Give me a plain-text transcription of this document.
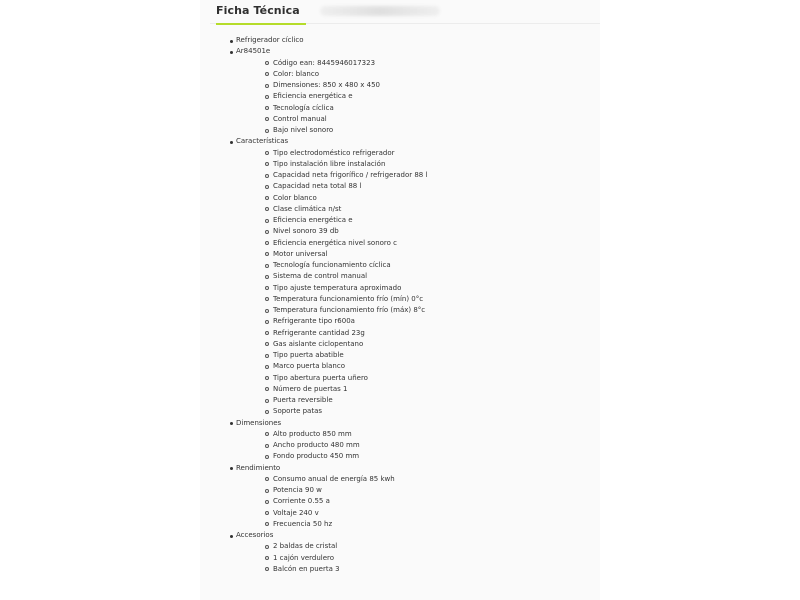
Ficha Técnica
Refrigerador cíclico
Ar84501e
Código ean: 8445946017323
Color: blanco
Dimensiones: 850 x 480 x 450
Eficiencia energética e
Tecnología cíclica
Control manual
Bajo nivel sonoro
Características
Tipo electrodoméstico refrigerador
Tipo instalación libre instalación
Capacidad neta frigorífico / refrigerador 88 l
Capacidad neta total 88 l
Color blanco
Clase climática n/st
Eficiencia energética e
Nivel sonoro 39 db
Eficiencia energética nivel sonoro c
Motor universal
Tecnología funcionamiento cíclica
Sistema de control manual
Tipo ajuste temperatura aproximado
Temperatura funcionamiento frío (mín) 0°c
Temperatura funcionamiento frío (máx) 8°c
Refrigerante tipo r600a
Refrigerante cantidad 23g
Gas aislante ciclopentano
Tipo puerta abatible
Marco puerta blanco
Tipo abertura puerta uñero
Número de puertas 1
Puerta reversible
Soporte patas
Dimensiones
Alto producto 850 mm
Ancho producto 480 mm
Fondo producto 450 mm
Rendimiento
Consumo anual de energía 85 kwh
Potencia 90 w
Corriente 0.55 a
Voltaje 240 v
Frecuencia 50 hz
Accesorios
2 baldas de cristal
1 cajón verdulero
Balcón en puerta 3
